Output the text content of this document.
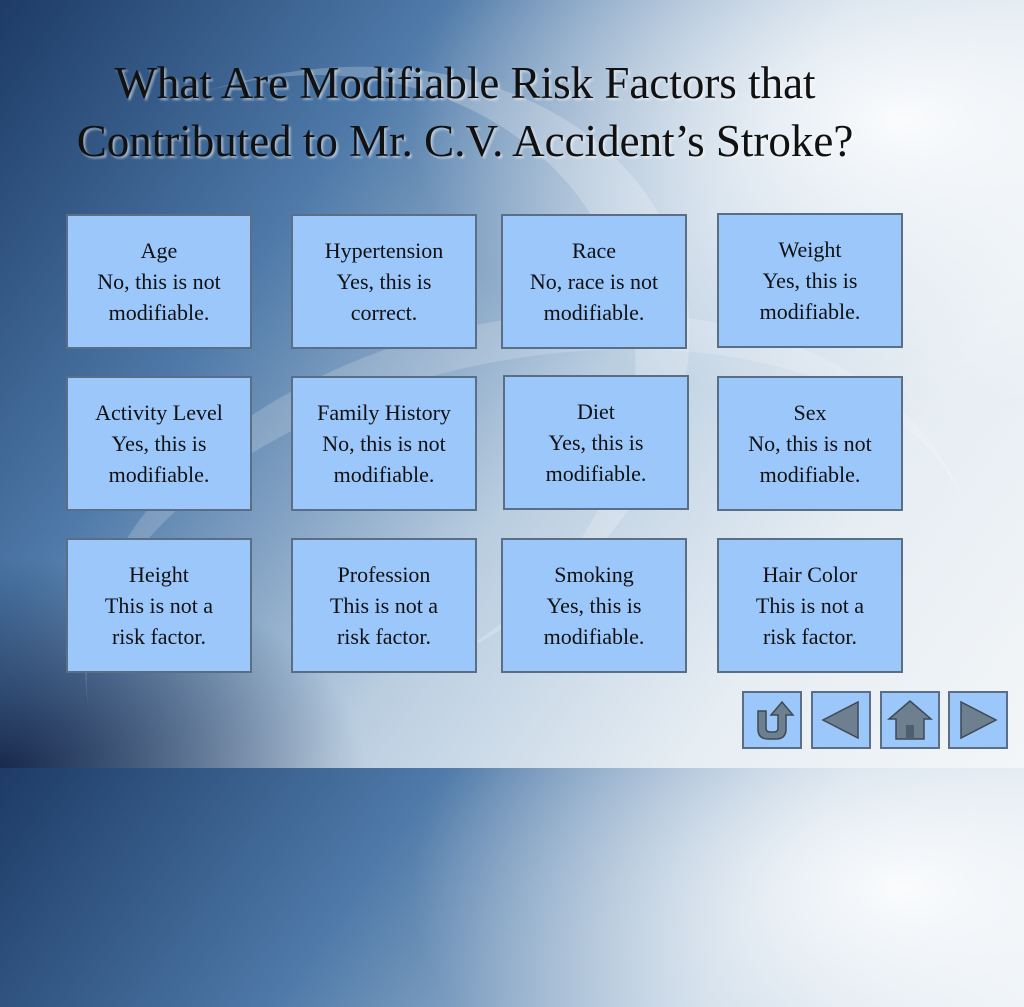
What Are Modifiable Risk Factors that
Contributed to Mr. C.V. Accident’s Stroke?
Age
No, this is not
modifiable.
Hypertension
Yes, this is
correct.
Race
No, race is not
modifiable.
Weight
Yes, this is
modifiable.
Activity Level
Yes, this is
modifiable.
Family History
No, this is not
modifiable.
Diet
Yes, this is
modifiable.
Sex
No, this is not
modifiable.
Height
This is not a
risk factor.
Profession
This is not a
risk factor.
Smoking
Yes, this is
modifiable.
Hair Color
This is not a
risk factor.
